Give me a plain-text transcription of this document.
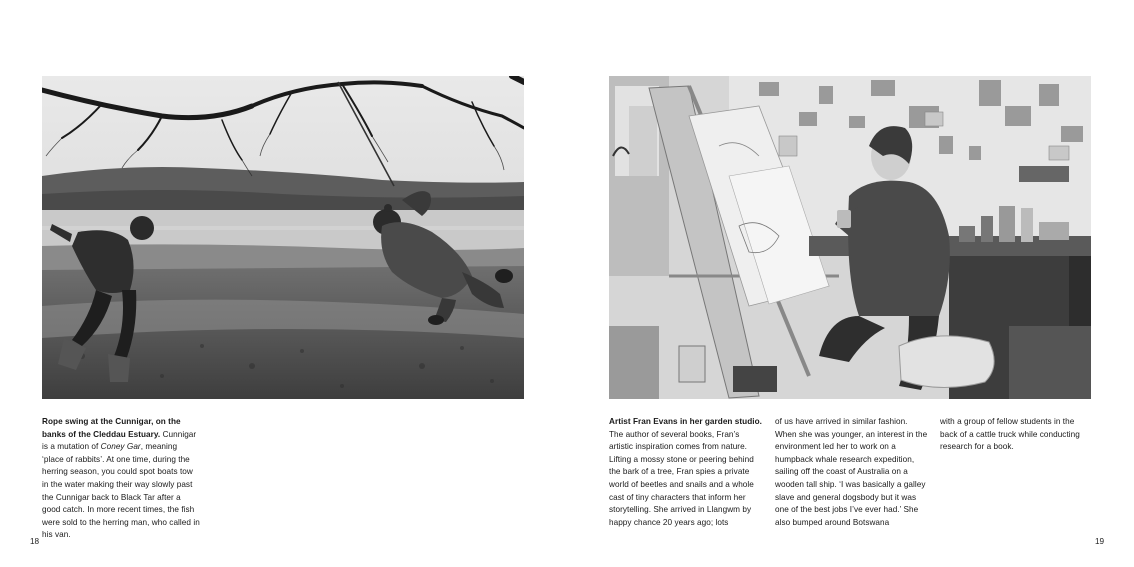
Rope swing at the Cunnigar, on the banks of the Cleddau Estuary. Cunnigar is a mutation of Coney Gar, meaning ‘place of rabbits’. At one time, during the herring season, you could spot boats tow in the water making their way slowly past the Cunnigar back to Black Tar after a good catch. In more recent times, the fish were sold to the herring man, who called in his van.
18
Artist Fran Evans in her garden studio. The author of several books, Fran’s artistic inspiration comes from nature. Lifting a mossy stone or peering behind the bark of a tree, Fran spies a private world of beetles and snails and a whole cast of tiny characters that inform her storytelling. She arrived in Llangwm by happy chance 20 years ago; lots
of us have arrived in similar fashion. When she was younger, an interest in the environment led her to work on a humpback whale research expedition, sailing off the coast of Australia on a wooden tall ship. ‘I was basically a galley slave and general dogsbody but it was one of the best jobs I’ve ever had.’ She also bumped around Botswana
with a group of fellow students in the back of a cattle truck while conducting research for a book.
19
